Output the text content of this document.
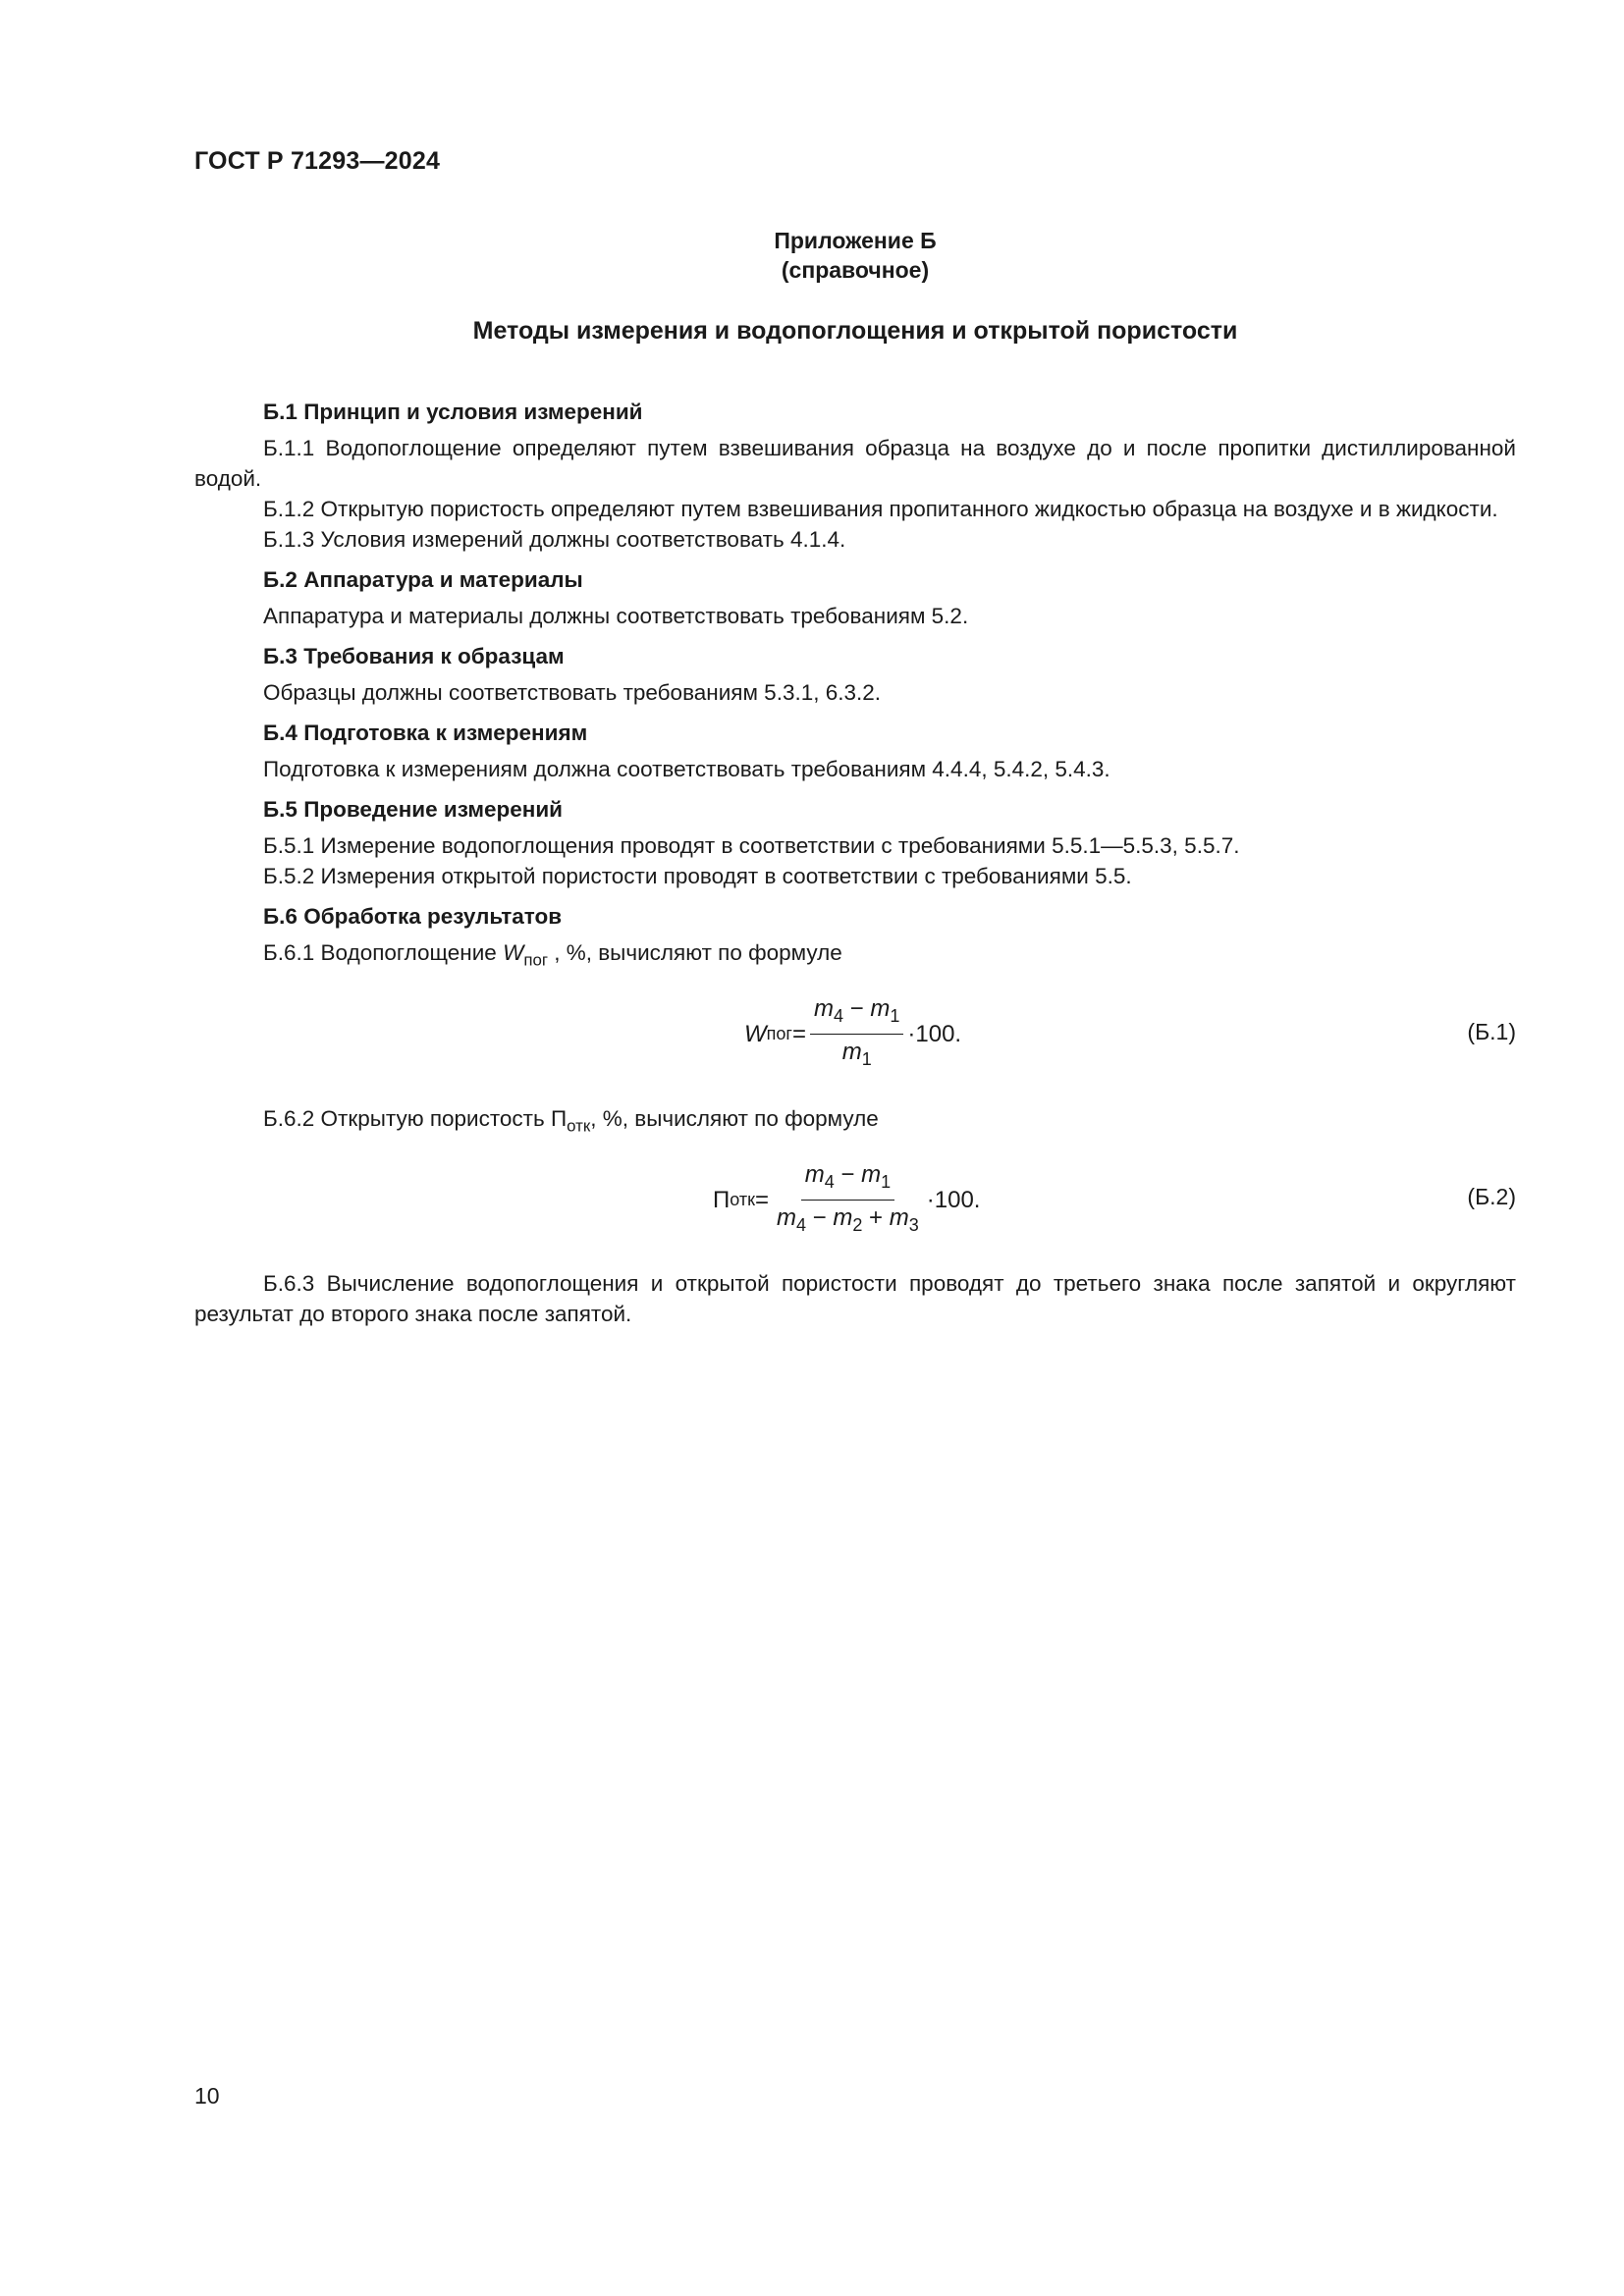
ГОСТ Р 71293—2024
Приложение Б
(справочное)
Методы измерения и водопоглощения и открытой пористости
Б.1 Принцип и условия измерений

Б.1.1 Водопоглощение определяют путем взвешивания образца на воздухе до и после пропитки дистиллированной водой.

Б.1.2 Открытую пористость определяют путем взвешивания пропитанного жидкостью образца на воздухе и в жидкости.

Б.1.3 Условия измерений должны соответствовать 4.1.4.

Б.2 Аппаратура и материалы

Аппаратура и материалы должны соответствовать требованиям 5.2.

Б.3 Требования к образцам

Образцы должны соответствовать требованиям 5.3.1, 6.3.2.

Б.4 Подготовка к измерениям

Подготовка к измерениям должна соответствовать требованиям 4.4.4, 5.4.2, 5.4.3.

Б.5 Проведение измерений

Б.5.1 Измерение водопоглощения проводят в соответствии с требованиями 5.5.1—5.5.3, 5.5.7.

Б.5.2 Измерения открытой пористости проводят в соответствии с требованиями 5.5.

Б.6 Обработка результатов

Б.6.1 Водопоглощение $W_{пог}$ , %, вычисляют по формуле

W пог = $\frac{m_4 - m_1}{m_1} \cdot 100$.	(Б.1)

Б.6.2 Открытую пористость $П_{отк}$, %, вычисляют по формуле

П отк = $\frac{m_4 - m_1}{m_4 - m_2 + m_3} \cdot 100$.	(Б.2)

Б.6.3 Вычисление водопоглощения и открытой пористости проводят до третьего знака после запятой и округляют результат до второго знака после запятой.

10
